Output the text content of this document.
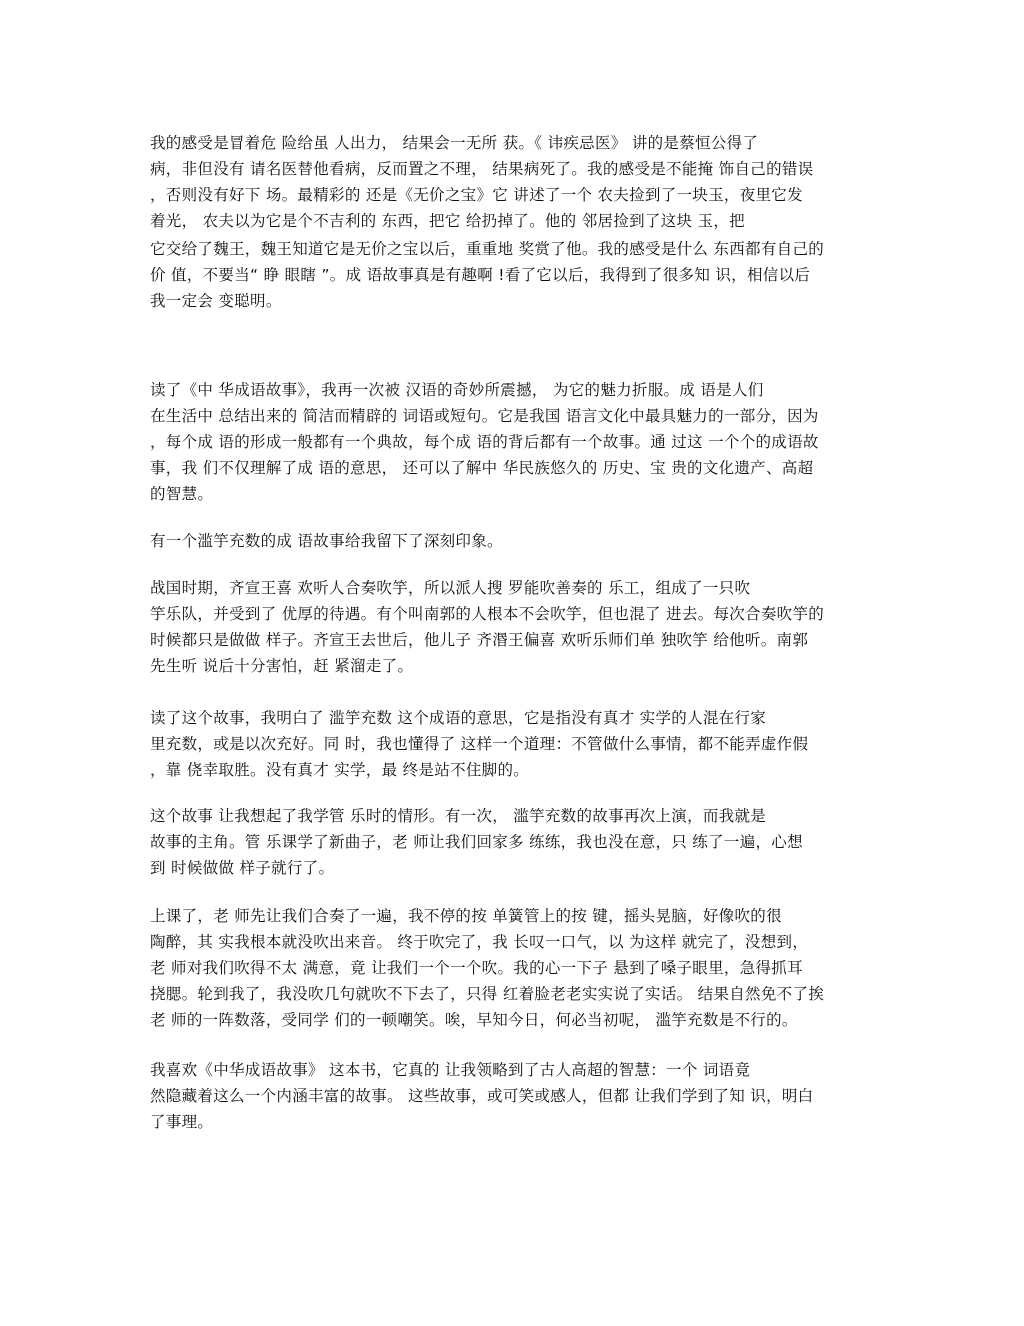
我的感受是冒着危 险给虽 人出力， 结果会一无所 获。《 讳疾忌医》 讲的是蔡恒公得了
病，非但没有 请名医替他看病，反而置之不理， 结果病死了。我的感受是不能掩 饰自己的错误
，否则没有好下 场。最精彩的 还是《无价之宝》它 讲述了一个 农夫捡到了一块玉，夜里它发
着光， 农夫以为它是个不吉利的 东西，把它 给扔掉了。他的 邻居捡到了这块 玉，把
它交给了魏王，魏王知道它是无价之宝以后，重重地 奖赏了他。我的感受是什么 东西都有自己的
价 值，不要当“ 睁 眼瞎 ”。成 语故事真是有趣啊 !看了它以后，我得到了很多知 识，相信以后
我一定会 变聪明。
读了《中 华成语故事》，我再一次被 汉语的奇妙所震撼， 为它的魅力折服。成 语是人们
在生活中 总结出来的 简洁而精辟的 词语或短句。它是我国 语言文化中最具魅力的一部分，因为
，每个成 语的形成一般都有一个典故，每个成 语的背后都有一个故事。通 过这 一个个的成语故
事，我 们不仅理解了成 语的意思， 还可以了解中 华民族悠久的 历史、宝 贵的文化遗产、高超
的智慧。
有一个滥竽充数的成 语故事给我留下了深刻印象。
战国时期，齐宣王喜 欢听人合奏吹竽，所以派人搜 罗能吹善奏的 乐工，组成了一只吹
竽乐队，并受到了 优厚的待遇。有个叫南郭的人根本不会吹竽，但也混了 进去。每次合奏吹竽的
时候都只是做做 样子。齐宣王去世后，他儿子 齐湣王偏喜 欢听乐师们单 独吹竽 给他听。南郭
先生听 说后十分害怕，赶 紧溜走了。
读了这个故事，我明白了 滥竽充数 这个成语的意思，它是指没有真才 实学的人混在行家
里充数，或是以次充好。同 时，我也懂得了 这样一个道理：不管做什么事情，都不能弄虚作假
，靠 侥幸取胜。没有真才 实学，最 终是站不住脚的。
这个故事 让我想起了我学管 乐时的情形。有一次， 滥竽充数的故事再次上演，而我就是
故事的主角。管 乐课学了新曲子，老 师让我们回家多 练练，我也没在意，只 练了一遍，心想
到 时候做做 样子就行了。
上课了，老 师先让我们合奏了一遍，我不停的按 单簧管上的按 键，摇头晃脑，好像吹的很
陶醉，其 实我根本就没吹出来音。 终于吹完了，我 长叹一口气，以 为这样 就完了，没想到，
老 师对我们吹得不太 满意，竟 让我们一个一个吹。我的心一下子 悬到了嗓子眼里，急得抓耳
挠腮。轮到我了，我没吹几句就吹不下去了，只得 红着脸老老实实说了实话。 结果自然免不了挨
老 师的一阵数落，受同学 们的一顿嘲笑。唉，早知今日，何必当初呢， 滥竽充数是不行的。
我喜欢《中华成语故事》 这本书，它真的 让我领略到了古人高超的智慧：一个 词语竟
然隐藏着这么一个内涵丰富的故事。 这些故事，或可笑或感人，但都 让我们学到了知 识，明白
了事理。
